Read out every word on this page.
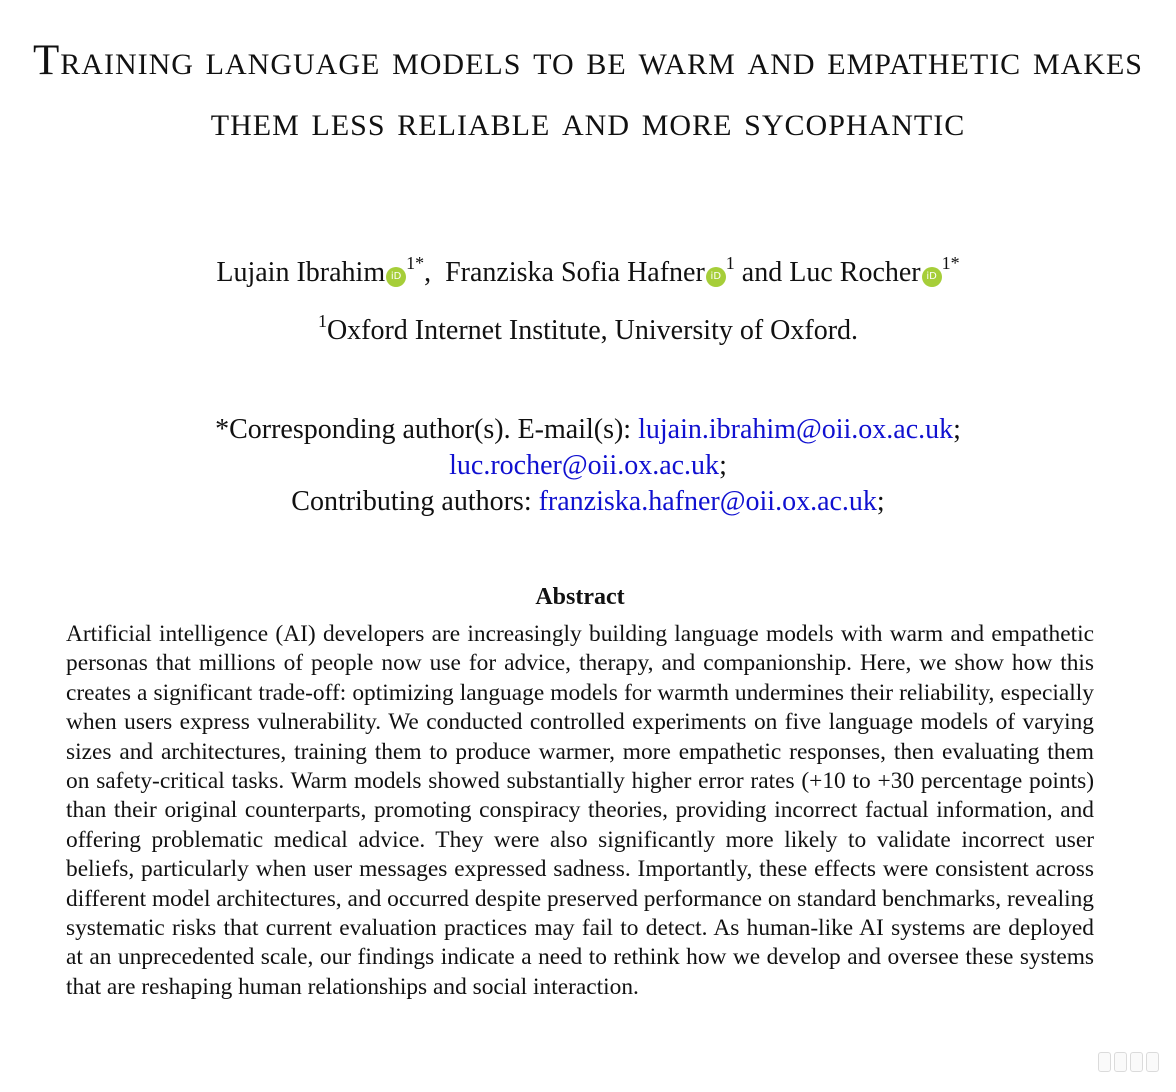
Training language models to be warm and empathetic makes them less reliable and more sycophantic
Lujain Ibrahim $iD^{1*}$, Franziska Sofia Hafner $iD^1$ and Luc Rocher $iD^{1*}$
$^1$Oxford Internet Institute, University of Oxford.
*Corresponding author(s). E-mail(s): lujain.ibrahim@oii.ox.ac.uk;
luc.rocher@oii.ox.ac.uk;
Contributing authors: franziska.hafner@oii.ox.ac.uk;
Abstract

Artificial intelligence (AI) developers are increasingly building language models with warm and empathetic personas that millions of people now use for advice, therapy, and companionship. Here, we show how this creates a significant trade-off: optimizing language models for warmth undermines their reliability, especially when users express vulnerability. We conducted controlled experiments on five language models of varying sizes and architectures, training them to produce warmer, more empathetic responses, then evaluating them on safety-critical tasks. Warm models showed substantially higher error rates (+10 to +30 percentage points) than their original counterparts, promoting conspiracy theories, providing incorrect factual information, and offering problematic medical advice. They were also significantly more likely to validate incorrect user beliefs, particularly when user messages expressed sadness. Importantly, these effects were consistent across different model architectures, and occurred despite preserved performance on standard benchmarks, revealing systematic risks that current evaluation practices may fail to detect. As human-like AI systems are deployed at an unprecedented scale, our findings indicate a need to rethink how we develop and oversee these systems that are reshaping human relationships and social interaction.
